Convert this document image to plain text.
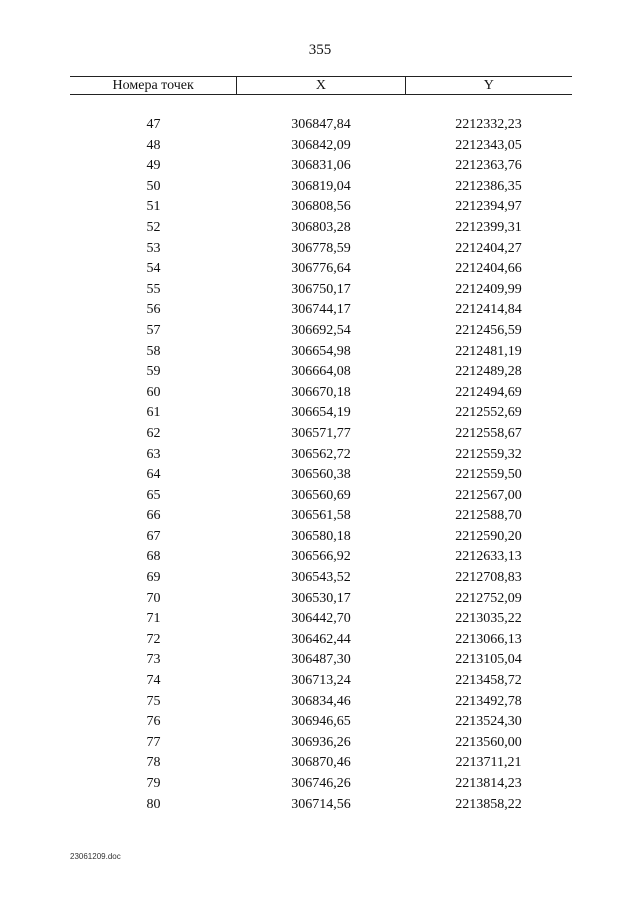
355
Номера точек	X	Y
47	306847,84	2212332,23
48	306842,09	2212343,05
49	306831,06	2212363,76
50	306819,04	2212386,35
51	306808,56	2212394,97
52	306803,28	2212399,31
53	306778,59	2212404,27
54	306776,64	2212404,66
55	306750,17	2212409,99
56	306744,17	2212414,84
57	306692,54	2212456,59
58	306654,98	2212481,19
59	306664,08	2212489,28
60	306670,18	2212494,69
61	306654,19	2212552,69
62	306571,77	2212558,67
63	306562,72	2212559,32
64	306560,38	2212559,50
65	306560,69	2212567,00
66	306561,58	2212588,70
67	306580,18	2212590,20
68	306566,92	2212633,13
69	306543,52	2212708,83
70	306530,17	2212752,09
71	306442,70	2213035,22
72	306462,44	2213066,13
73	306487,30	2213105,04
74	306713,24	2213458,72
75	306834,46	2213492,78
76	306946,65	2213524,30
77	306936,26	2213560,00
78	306870,46	2213711,21
79	306746,26	2213814,23
80	306714,56	2213858,22
23061209.doc
